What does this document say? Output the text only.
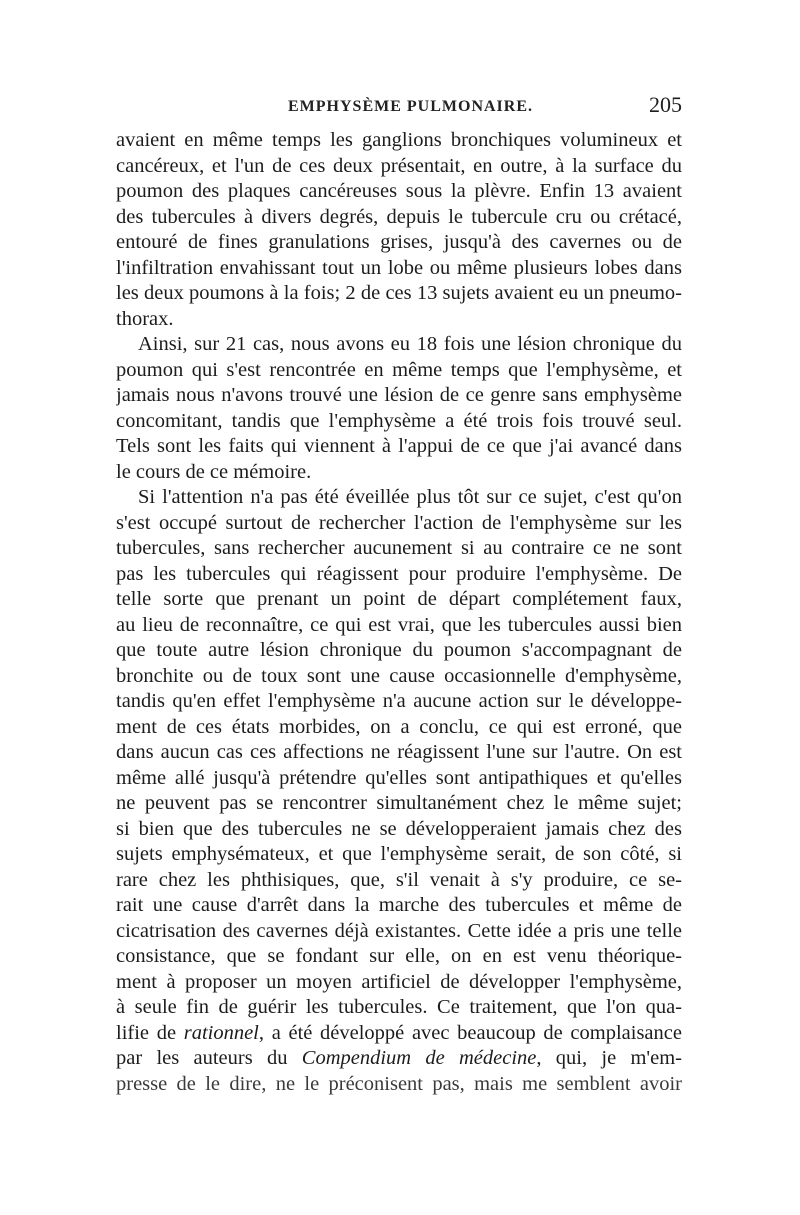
EMPHYSÈME PULMONAIRE.	205
avaient en même temps les ganglions bronchiques volumineux et
cancéreux, et l'un de ces deux présentait, en outre, à la surface du
poumon des plaques cancéreuses sous la plèvre. Enfin 13 avaient
des tubercules à divers degrés, depuis le tubercule cru ou crétacé,
entouré de fines granulations grises, jusqu'à des cavernes ou de
l'infiltration envahissant tout un lobe ou même plusieurs lobes dans
les deux poumons à la fois; 2 de ces 13 sujets avaient eu un pneumo-
thorax.
Ainsi, sur 21 cas, nous avons eu 18 fois une lésion chronique du
poumon qui s'est rencontrée en même temps que l'emphysème, et
jamais nous n'avons trouvé une lésion de ce genre sans emphysème
concomitant, tandis que l'emphysème a été trois fois trouvé seul.
Tels sont les faits qui viennent à l'appui de ce que j'ai avancé dans
le cours de ce mémoire.
Si l'attention n'a pas été éveillée plus tôt sur ce sujet, c'est qu'on
s'est occupé surtout de rechercher l'action de l'emphysème sur les
tubercules, sans rechercher aucunement si au contraire ce ne sont
pas les tubercules qui réagissent pour produire l'emphysème. De
telle sorte que prenant un point de départ complétement faux,
au lieu de reconnaître, ce qui est vrai, que les tubercules aussi bien
que toute autre lésion chronique du poumon s'accompagnant de
bronchite ou de toux sont une cause occasionnelle d'emphysème,
tandis qu'en effet l'emphysème n'a aucune action sur le développe-
ment de ces états morbides, on a conclu, ce qui est erroné, que
dans aucun cas ces affections ne réagissent l'une sur l'autre. On est
même allé jusqu'à prétendre qu'elles sont antipathiques et qu'elles
ne peuvent pas se rencontrer simultanément chez le même sujet;
si bien que des tubercules ne se développeraient jamais chez des
sujets emphysémateux, et que l'emphysème serait, de son côté, si
rare chez les phthisiques, que, s'il venait à s'y produire, ce se-
rait une cause d'arrêt dans la marche des tubercules et même de
cicatrisation des cavernes déjà existantes. Cette idée a pris une telle
consistance, que se fondant sur elle, on en est venu théorique-
ment à proposer un moyen artificiel de développer l'emphysème,
à seule fin de guérir les tubercules. Ce traitement, que l'on qua-
lifie de rationnel, a été développé avec beaucoup de complaisance
par les auteurs du Compendium de médecine, qui, je m'em-
presse de le dire, ne le préconisent pas, mais me semblent avoir
